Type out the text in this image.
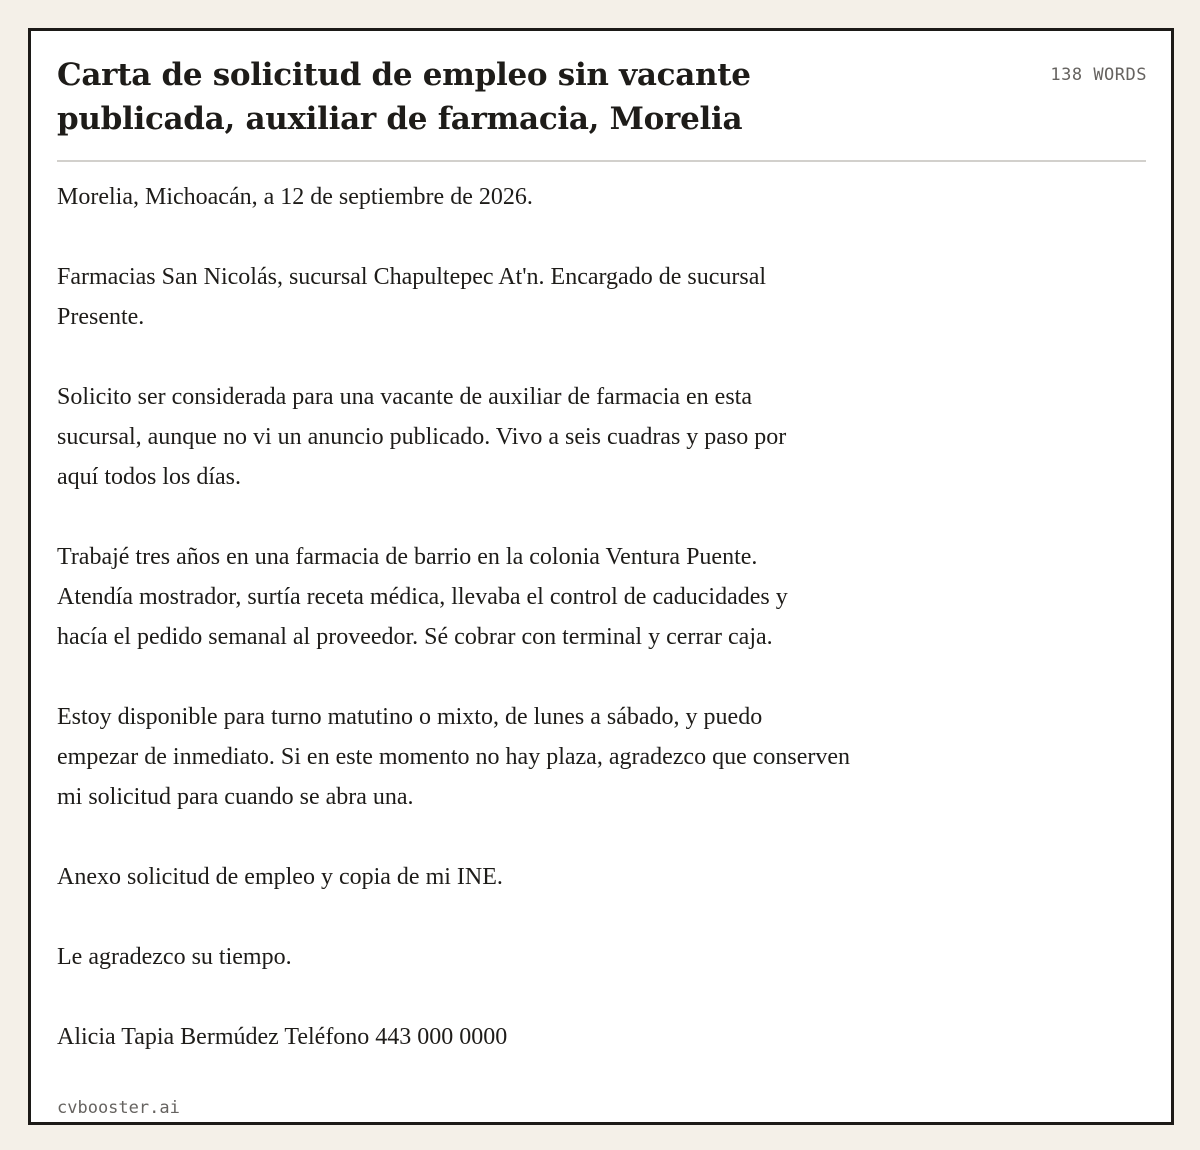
Carta de solicitud de empleo sin vacante publicada, auxiliar de farmacia, Morelia
138 WORDS

Morelia, Michoacán, a 12 de septiembre de 2026.

Farmacias San Nicolás, sucursal Chapultepec At'n. Encargado de sucursal
Presente.

Solicito ser considerada para una vacante de auxiliar de farmacia en esta
sucursal, aunque no vi un anuncio publicado. Vivo a seis cuadras y paso por
aquí todos los días.

Trabajé tres años en una farmacia de barrio en la colonia Ventura Puente.
Atendía mostrador, surtía receta médica, llevaba el control de caducidades y
hacía el pedido semanal al proveedor. Sé cobrar con terminal y cerrar caja.

Estoy disponible para turno matutino o mixto, de lunes a sábado, y puedo
empezar de inmediato. Si en este momento no hay plaza, agradezco que conserven
mi solicitud para cuando se abra una.

Anexo solicitud de empleo y copia de mi INE.

Le agradezco su tiempo.

Alicia Tapia Bermúdez Teléfono 443 000 0000

cvbooster.ai
